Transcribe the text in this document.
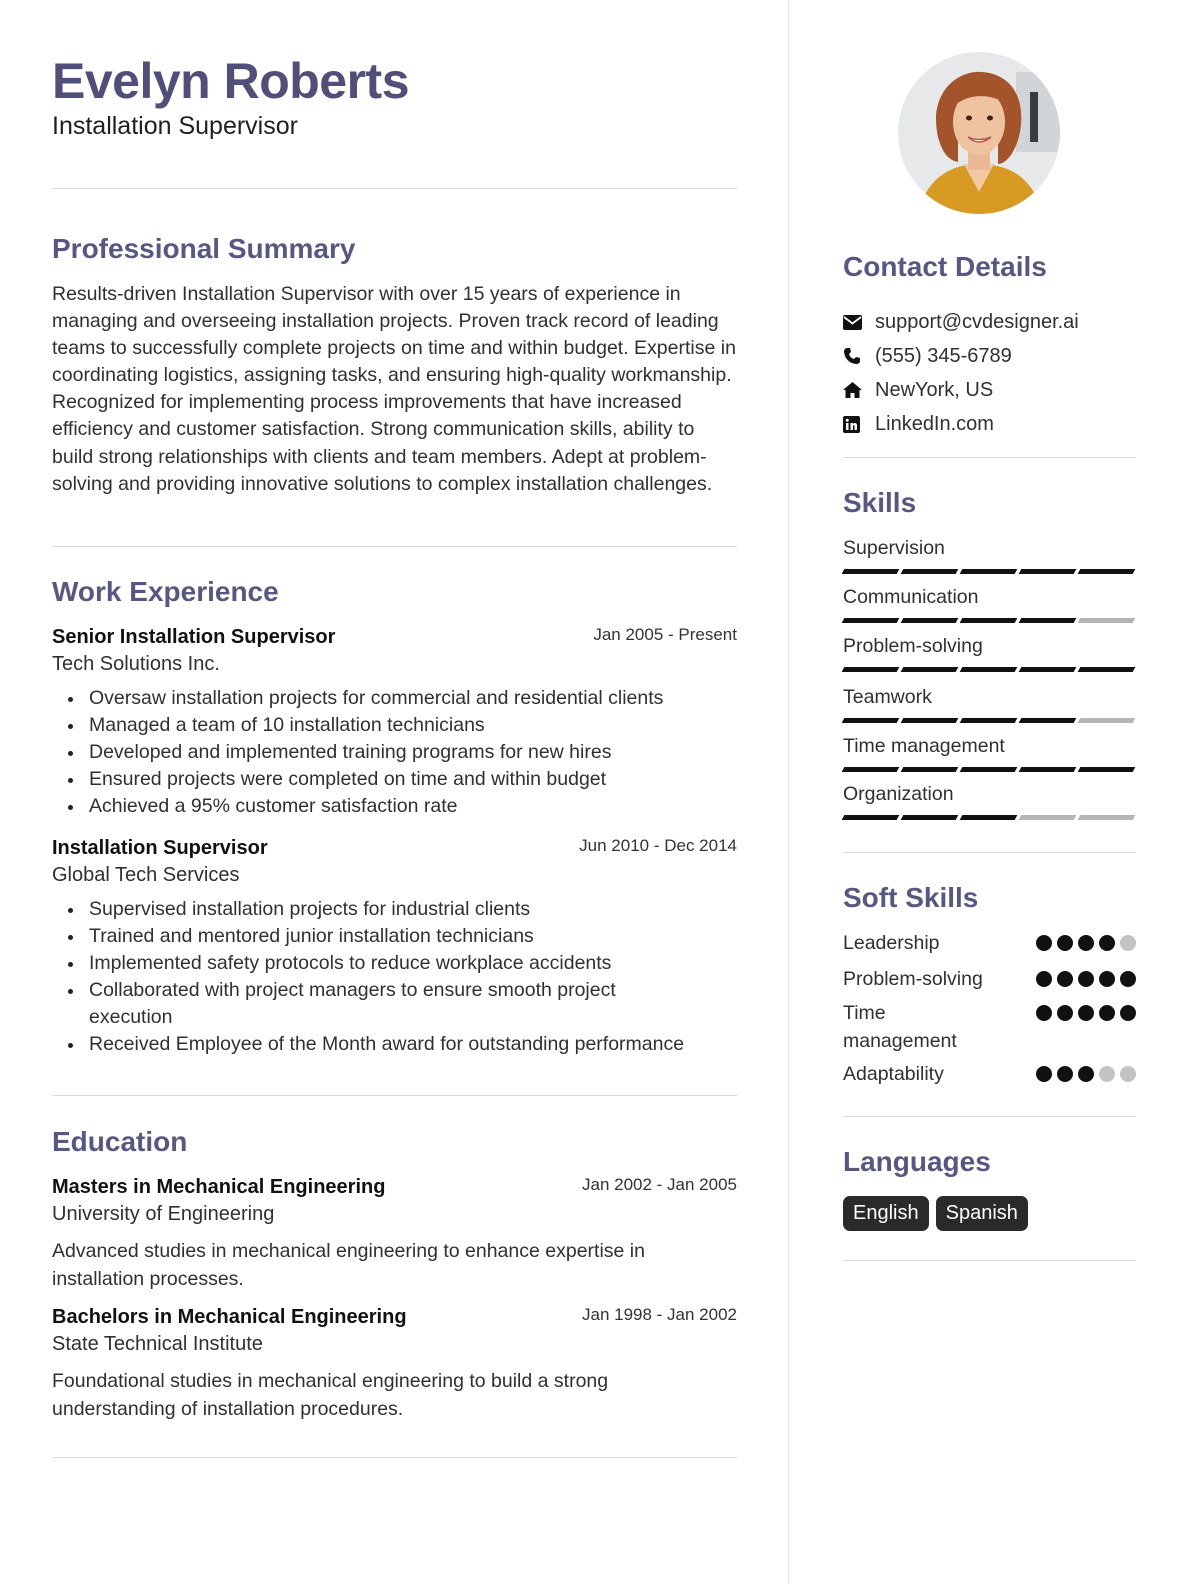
Evelyn Roberts
Installation Supervisor
Professional Summary

Results-driven Installation Supervisor with over 15 years of experience in managing and overseeing installation projects. Proven track record of leading teams to successfully complete projects on time and within budget. Expertise in coordinating logistics, assigning tasks, and ensuring high-quality workmanship. Recognized for implementing process improvements that have increased efficiency and customer satisfaction. Strong communication skills, ability to build strong relationships with clients and team members. Adept at problem-solving and providing innovative solutions to complex installation challenges.

Work Experience
Senior Installation Supervisor	Jan 2005 - Present
Tech Solutions Inc.
Oversaw installation projects for commercial and residential clients
Managed a team of 10 installation technicians
Developed and implemented training programs for new hires
Ensured projects were completed on time and within budget
Achieved a 95% customer satisfaction rate
Installation Supervisor	Jun 2010 - Dec 2014
Global Tech Services
Supervised installation projects for industrial clients
Trained and mentored junior installation technicians
Implemented safety protocols to reduce workplace accidents
Collaborated with project managers to ensure smooth project execution
Received Employee of the Month award for outstanding performance
Education
Masters in Mechanical Engineering	Jan 2002 - Jan 2005
University of Engineering
Advanced studies in mechanical engineering to enhance expertise in installation processes.
Bachelors in Mechanical Engineering	Jan 1998 - Jan 2002
State Technical Institute
Foundational studies in mechanical engineering to build a strong understanding of installation procedures.
Contact Details
support@cvdesigner.ai
(555) 345-6789
NewYork, US
LinkedIn.com
Skills
Supervision
Communication
Problem-solving
Teamwork
Time management
Organization
Soft Skills
Leadership
Problem-solving
Time management
Adaptability
Languages
English	Spanish
